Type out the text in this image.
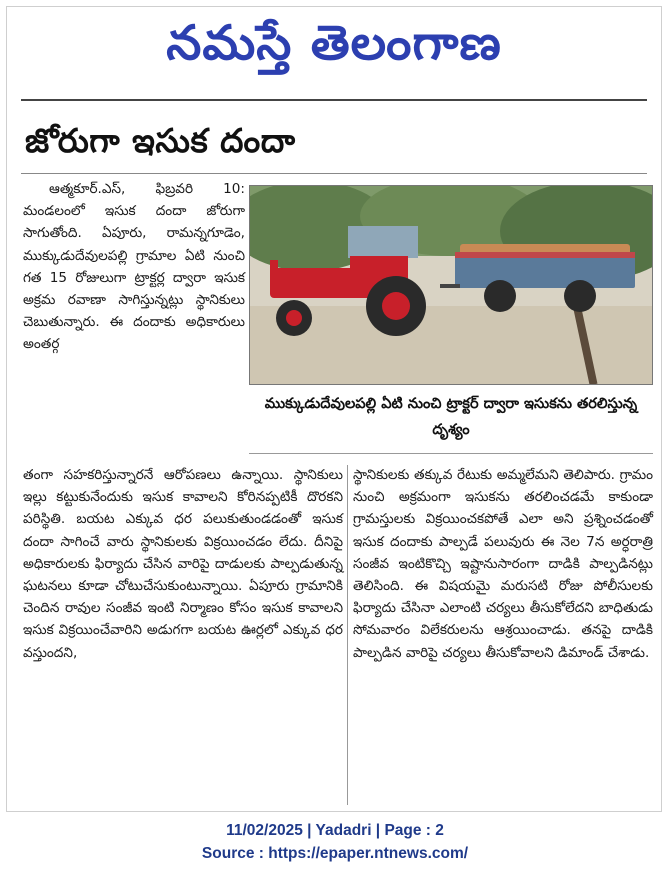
నమస్తే తెలంగాణ
జోరుగా ఇసుక దందా

ఆత్మకూర్.ఎస్, ఫిబ్రవరి 10: మండలంలో ఇసుక దందా జోరుగా సాగుతోంది. ఏపూరు, రామన్నగూడెం, ముక్కుడుదేవులపల్లి గ్రామాల ఏటి నుంచి గత 15 రోజులుగా ట్రాక్టర్ల ద్వారా ఇసుక అక్రమ రవాణా సాగిస్తున్నట్లు స్థానికులు చెబుతున్నారు. ఈ దందాకు అధికారులు అంతర్గ

ముక్కుడుదేవులపల్లి ఏటి నుంచి ట్రాక్టర్ ద్వారా ఇసుకను తరలిస్తున్న దృశ్యం

తంగా సహకరిస్తున్నారనే ఆరోపణలు ఉన్నాయి. స్థానికులు ఇల్లు కట్టుకునేందుకు ఇసుక కావాలని కోరినప్పటికీ దొరకని పరిస్థితి. బయట ఎక్కువ ధర పలుకుతుండడంతో ఇసుక దందా సాగించే వారు స్థానికులకు విక్రయించడం లేదు. దీనిపై అధికారులకు ఫిర్యాదు చేసిన వారిపై దాడులకు పాల్పడుతున్న ఘటనలు కూడా చోటుచేసుకుంటున్నాయి. ఏపూరు గ్రామానికి చెందిన రావుల సంజీవ ఇంటి నిర్మాణం కోసం ఇసుక కావాలని ఇసుక విక్రయించేవారిని అడుగగా బయట ఊర్లలో ఎక్కువ ధర వస్తుందని,

స్థానికులకు తక్కువ రేటుకు అమ్మలేమని తెలిపారు. గ్రామం నుంచి అక్రమంగా ఇసుకను తరలించడమే కాకుండా గ్రామస్తులకు విక్రయించకపోతే ఎలా అని ప్రశ్నించడంతో ఇసుక దందాకు పాల్పడే పలువురు ఈ నెల 7న అర్ధరాత్రి సంజీవ ఇంటికొచ్చి ఇష్టానుసారంగా దాడికి పాల్పడినట్లు తెలిసింది. ఈ విషయమై మరుసటి రోజు పోలీసులకు ఫిర్యాదు చేసినా ఎలాంటి చర్యలు తీసుకోలేదని బాధితుడు సోమవారం విలేకరులను ఆశ్రయించాడు. తనపై దాడికి పాల్పడిన వారిపై చర్యలు తీసుకోవాలని డిమాండ్ చేశాడు.

11/02/2025 | Yadadri | Page : 2
Source : https://epaper.ntnews.com/
